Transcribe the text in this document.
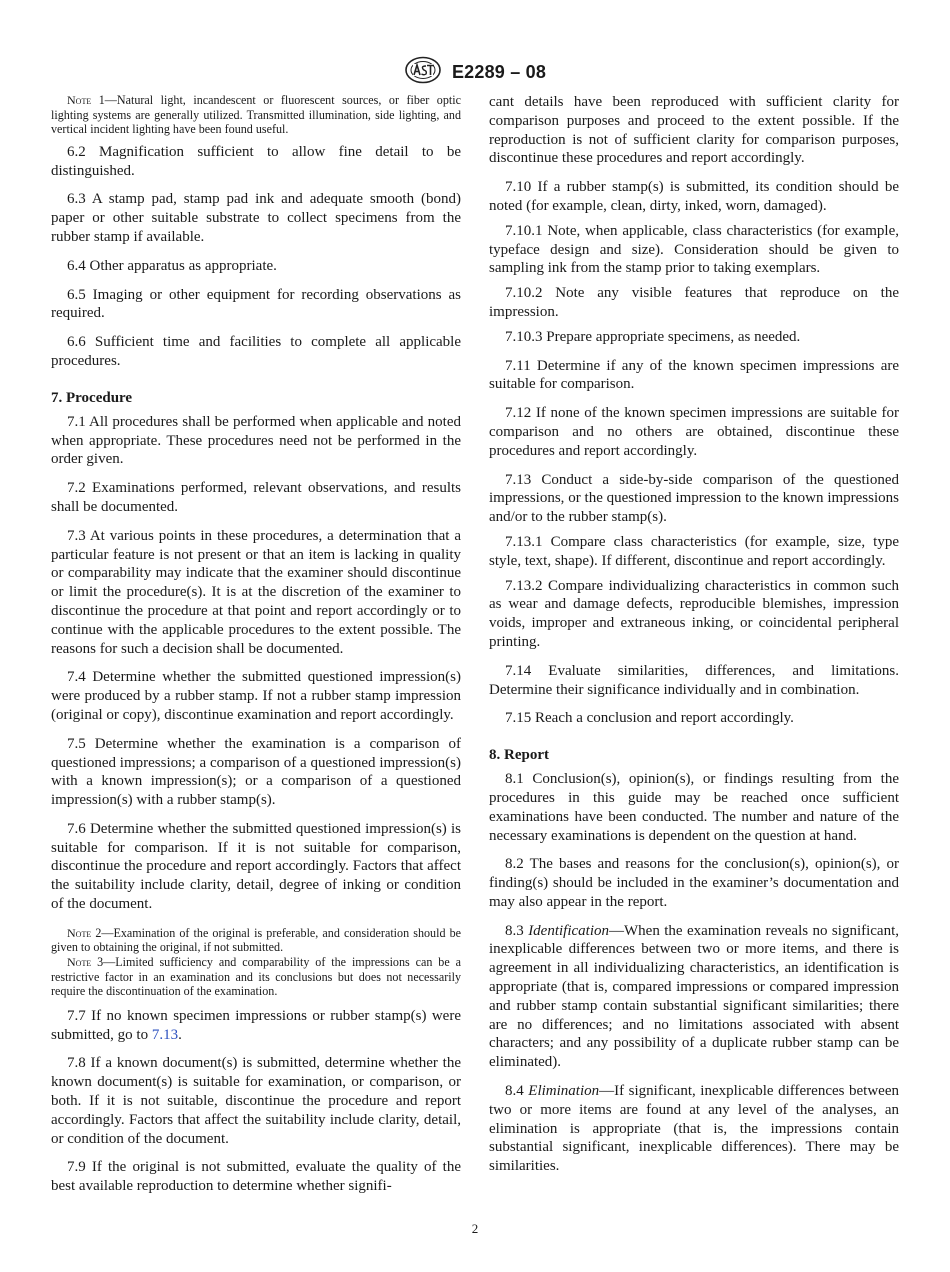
E2289 – 08
Note 1—Natural light, incandescent or fluorescent sources, or fiber optic lighting systems are generally utilized. Transmitted illumination, side lighting, and vertical incident lighting have been found useful.

6.2 Magnification sufficient to allow fine detail to be distinguished.

6.3 A stamp pad, stamp pad ink and adequate smooth (bond) paper or other suitable substrate to collect specimens from the rubber stamp if available.

6.4 Other apparatus as appropriate.

6.5 Imaging or other equipment for recording observations as required.

6.6 Sufficient time and facilities to complete all applicable procedures.

7. Procedure

7.1 All procedures shall be performed when applicable and noted when appropriate. These procedures need not be performed in the order given.

7.2 Examinations performed, relevant observations, and results shall be documented.

7.3 At various points in these procedures, a determination that a particular feature is not present or that an item is lacking in quality or comparability may indicate that the examiner should discontinue or limit the procedure(s). It is at the discretion of the examiner to discontinue the procedure at that point and report accordingly or to continue with the applicable procedures to the extent possible. The reasons for such a decision shall be documented.

7.4 Determine whether the submitted questioned impression(s) were produced by a rubber stamp. If not a rubber stamp impression (original or copy), discontinue examination and report accordingly.

7.5 Determine whether the examination is a comparison of questioned impressions; a comparison of a questioned impression(s) with a known impression(s); or a comparison of a questioned impression(s) with a rubber stamp(s).

7.6 Determine whether the submitted questioned impression(s) is suitable for comparison. If it is not suitable for comparison, discontinue the procedure and report accordingly. Factors that affect the suitability include clarity, detail, degree of inking or condition of the document.

Note 2—Examination of the original is preferable, and consideration should be given to obtaining the original, if not submitted.
Note 3—Limited sufficiency and comparability of the impressions can be a restrictive factor in an examination and its conclusions but does not necessarily require the discontinuation of the examination.

7.7 If no known specimen impressions or rubber stamp(s) were submitted, go to 7.13.

7.8 If a known document(s) is submitted, determine whether the known document(s) is suitable for examination, or comparison, or both. If it is not suitable, discontinue the procedure and report accordingly. Factors that affect the suitability include clarity, detail, or condition of the document.

7.9 If the original is not submitted, evaluate the quality of the best available reproduction to determine whether signifi-

cant details have been reproduced with sufficient clarity for comparison purposes and proceed to the extent possible. If the reproduction is not of sufficient clarity for comparison purposes, discontinue these procedures and report accordingly.

7.10 If a rubber stamp(s) is submitted, its condition should be noted (for example, clean, dirty, inked, worn, damaged).

7.10.1 Note, when applicable, class characteristics (for example, typeface design and size). Consideration should be given to sampling ink from the stamp prior to taking exemplars.

7.10.2 Note any visible features that reproduce on the impression.

7.10.3 Prepare appropriate specimens, as needed.

7.11 Determine if any of the known specimen impressions are suitable for comparison.

7.12 If none of the known specimen impressions are suitable for comparison and no others are obtained, discontinue these procedures and report accordingly.

7.13 Conduct a side-by-side comparison of the questioned impressions, or the questioned impression to the known impressions and/or to the rubber stamp(s).

7.13.1 Compare class characteristics (for example, size, type style, text, shape). If different, discontinue and report accordingly.

7.13.2 Compare individualizing characteristics in common such as wear and damage defects, reproducible blemishes, impression voids, improper and extraneous inking, or coincidental peripheral printing.

7.14 Evaluate similarities, differences, and limitations. Determine their significance individually and in combination.

7.15 Reach a conclusion and report accordingly.

8. Report

8.1 Conclusion(s), opinion(s), or findings resulting from the procedures in this guide may be reached once sufficient examinations have been conducted. The number and nature of the necessary examinations is dependent on the question at hand.

8.2 The bases and reasons for the conclusion(s), opinion(s), or finding(s) should be included in the examiner’s documentation and may also appear in the report.

8.3 Identification—When the examination reveals no significant, inexplicable differences between two or more items, and there is agreement in all individualizing characteristics, an identification is appropriate (that is, compared impressions or compared impression and rubber stamp contain substantial significant similarities; there are no differences; and no limitations associated with absent characters; and any possibility of a duplicate rubber stamp can be eliminated).

8.4 Elimination—If significant, inexplicable differences between two or more items are found at any level of the analyses, an elimination is appropriate (that is, the impressions contain substantial significant, inexplicable differences). There may be similarities.

2
